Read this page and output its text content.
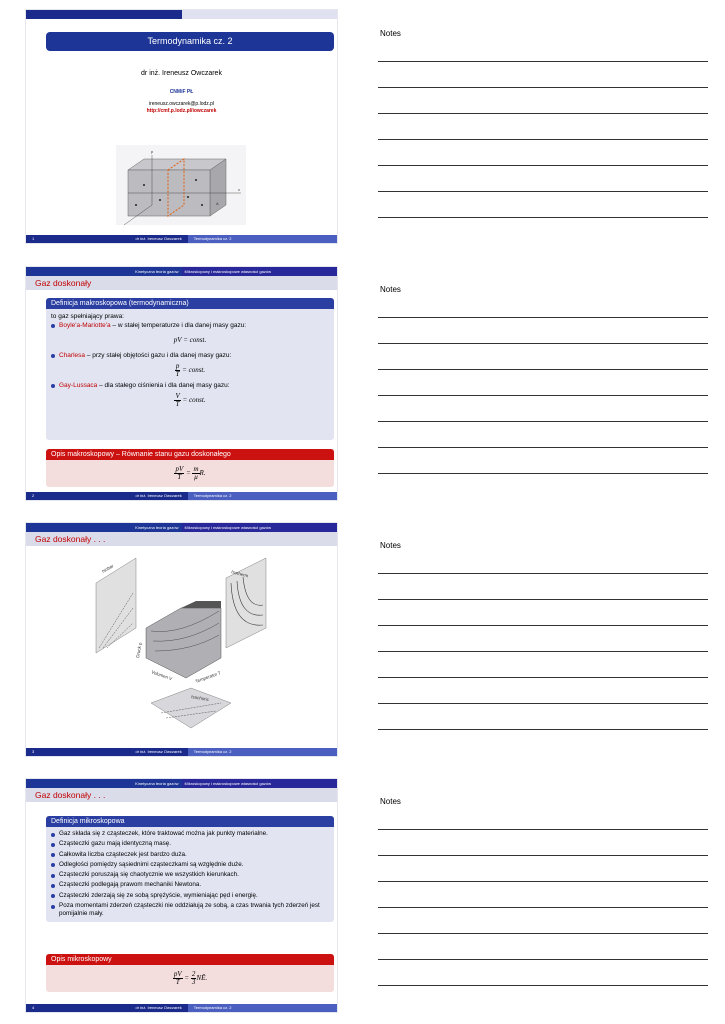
Termodynamika cz. 2
dr inż. Ireneusz Owczarek
CNMiF PŁ
ireneusz.owczarek@p.lodz.pl
http://cmf.p.lodz.pl/iowczarek
p
x
A
1	dr inż. Ireneusz Owczarek	Termodynamika cz. 2
Kinetyczna teoria gazów	Mikroskopowy i makroskopowe własności gazów
Gaz doskonały
Definicja makroskopowa (termodynamiczna)
to gaz spełniający prawa:
Boyle'a-Mariotte'a – w stałej temperaturze i dla danej masy gazu:
pV = const.
Charlesa – przy stałej objętości gazu i dla danej masy gazu:
$\frac{p}{T}$ = const.
Gay-Lussaca – dla stałego ciśnienia i dla danej masy gazu:
$\frac{V}{T}$ = const.
Opis makroskopowy – Równanie stanu gazu doskonałego
$\frac{pV}{T} = \frac{m}{\mu} R$.
2	dr inż. Ireneusz Owczarek	Termodynamika cz. 2
Kinetyczna teoria gazów	Mikroskopowy i makroskopowe własności gazów
Gaz doskonały . . .
Isobar	Isotherm
Druck p
Volumen V	Temperatur T
Isochoric
3	dr inż. Ireneusz Owczarek	Termodynamika cz. 2
Kinetyczna teoria gazów	Mikroskopowy i makroskopowe własności gazów
Gaz doskonały . . .
Definicja mikroskopowa
Gaz składa się z cząsteczek, które traktować można jak punkty materialne.
Cząsteczki gazu mają identyczną masę.
Całkowita liczba cząsteczek jest bardzo duża.
Odległości pomiędzy sąsiednimi cząsteczkami są względnie duże.
Cząsteczki poruszają się chaotycznie we wszystkich kierunkach.
Cząsteczki podlegają prawom mechaniki Newtona.
Cząsteczki zderzają się ze sobą sprężyście, wymieniając pęd i energię.
Poza momentami zderzeń cząsteczki nie oddziałują ze sobą, a czas trwania tych zderzeń jest pomijalnie mały.
Opis mikroskopowy
$\frac{pV}{T} = \frac{2}{3}$ NĒ.
4	dr inż. Ireneusz Owczarek	Termodynamika cz. 2
Notes
Notes
Notes
Notes
